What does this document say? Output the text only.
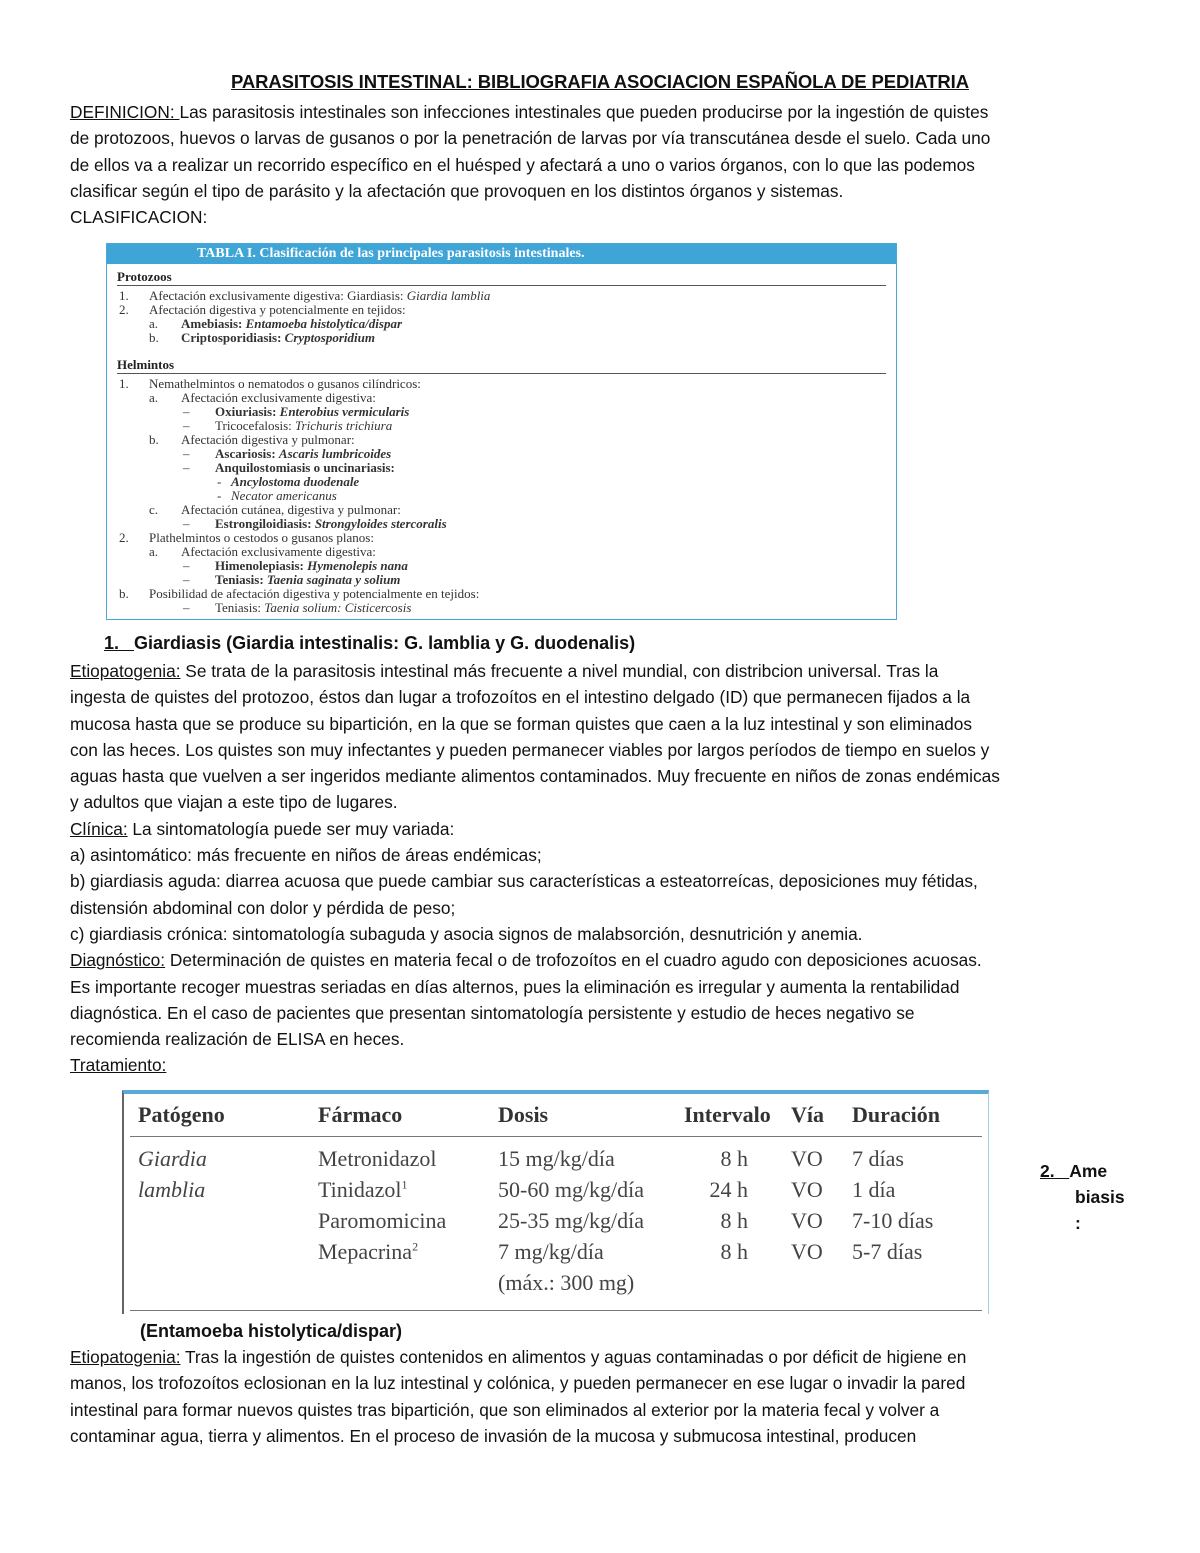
PARASITOSIS INTESTINAL: BIBLIOGRAFIA ASOCIACION ESPAÑOLA DE PEDIATRIA
DEFINICION: Las parasitosis intestinales son infecciones intestinales que pueden producirse por la ingestión de quistes
de protozoos, huevos o larvas de gusanos o por la penetración de larvas por vía transcutánea desde el suelo. Cada uno
de ellos va a realizar un recorrido específico en el huésped y afectará a uno o varios órganos, con lo que las podemos
clasificar según el tipo de parásito y la afectación que provoquen en los distintos órganos y sistemas.
CLASIFICACION:
TABLA I. Clasificación de las principales parasitosis intestinales.
Protozoos
1. Afectación exclusivamente digestiva: Giardiasis: Giardia lamblia
2. Afectación digestiva y potencialmente en tejidos:
a. Amebiasis: Entamoeba histolytica/dispar
b. Criptosporidiasis: Cryptosporidium
Helmintos
1. Nemathelmintos o nematodos o gusanos cilíndricos:
a. Afectación exclusivamente digestiva:
– Oxiuriasis: Enterobius vermicularis
– Tricocefalosis: Trichuris trichiura
b. Afectación digestiva y pulmonar:
– Ascariosis: Ascaris lumbricoides
– Anquilostomiasis o uncinariasis:
- Ancylostoma duodenale
- Necator americanus
c. Afectación cutánea, digestiva y pulmonar:
– Estrongiloidiasis: Strongyloides stercoralis
2. Plathelmintos o cestodos o gusanos planos:
a. Afectación exclusivamente digestiva:
– Himenolepiasis: Hymenolepis nana
– Teniasis: Taenia saginata y solium
b. Posibilidad de afectación digestiva y potencialmente en tejidos:
– Teniasis: Taenia solium: Cisticercosis
1. Giardiasis (Giardia intestinalis: G. lamblia y G. duodenalis)
Etiopatogenia: Se trata de la parasitosis intestinal más frecuente a nivel mundial, con distribcion universal. Tras la
ingesta de quistes del protozoo, éstos dan lugar a trofozoítos en el intestino delgado (ID) que permanecen fijados a la
mucosa hasta que se produce su bipartición, en la que se forman quistes que caen a la luz intestinal y son eliminados
con las heces. Los quistes son muy infectantes y pueden permanecer viables por largos períodos de tiempo en suelos y
aguas hasta que vuelven a ser ingeridos mediante alimentos contaminados. Muy frecuente en niños de zonas endémicas
y adultos que viajan a este tipo de lugares.
Clínica: La sintomatología puede ser muy variada:
a) asintomático: más frecuente en niños de áreas endémicas;
b) giardiasis aguda: diarrea acuosa que puede cambiar sus características a esteatorreícas, deposiciones muy fétidas,
distensión abdominal con dolor y pérdida de peso;
c) giardiasis crónica: sintomatología subaguda y asocia signos de malabsorción, desnutrición y anemia.
Diagnóstico: Determinación de quistes en materia fecal o de trofozoítos en el cuadro agudo con deposiciones acuosas.
Es importante recoger muestras seriadas en días alternos, pues la eliminación es irregular y aumenta la rentabilidad
diagnóstica. En el caso de pacientes que presentan sintomatología persistente y estudio de heces negativo se
recomienda realización de ELISA en heces.
Tratamiento:
Patógeno	Fármaco	Dosis	Intervalo Vía Duración
Giardia
lamblia
Metronidazol	15 mg/kg/día	8 h VO 7 días
Tinidazol$^1$	50-60 mg/kg/día	24 h VO 1 día
Paromomicina 25-35 mg/kg/día	8 h VO 7-10 días
Mepacrina$^2$	7 mg/kg/día	8 h VO 5-7 días
(máx.: 300 mg)
2. Ame
biasis
:
(Entamoeba histolytica/dispar)
Etiopatogenia: Tras la ingestión de quistes contenidos en alimentos y aguas contaminadas o por déficit de higiene en
manos, los trofozoítos eclosionan en la luz intestinal y colónica, y pueden permanecer en ese lugar o invadir la pared
intestinal para formar nuevos quistes tras bipartición, que son eliminados al exterior por la materia fecal y volver a
contaminar agua, tierra y alimentos. En el proceso de invasión de la mucosa y submucosa intestinal, producen
